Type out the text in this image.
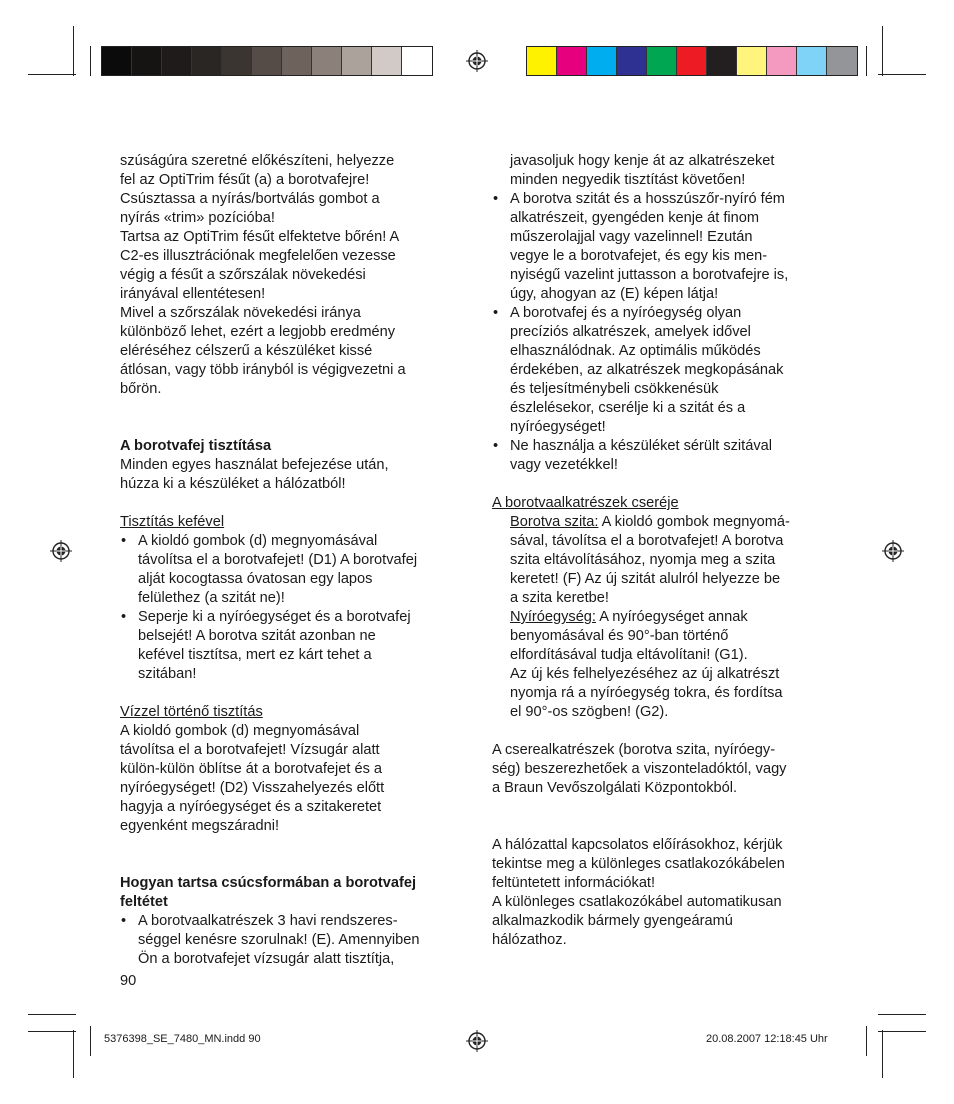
szúságúra szeretné előkészíteni, helyezze

fel az OptiTrim fésűt (a) a borotvafejre!

Csúsztassa a nyírás/bortválás gombot a

nyírás «trim» pozícióba!

Tartsa az OptiTrim fésűt elfektetve bőrén! A

C2-es illusztrációnak megfelelően vezesse

végig a fésűt a szőrszálak növekedési

irányával ellentétesen!

Mivel a szőrszálak növekedési iránya

különböző lehet, ezért a legjobb eredmény

eléréséhez célszerű a készüléket kissé

átlósan, vagy több irányból is végigvezetni a

bőrön.

A borotvafej tisztítása

Minden egyes használat befejezése után,

húzza ki a készüléket a hálózatból!

Tisztítás kefével

• A kioldó gombok (d) megnyomásával

távolítsa el a borotvafejet! (D1) A borotvafej

alját kocogtassa óvatosan egy lapos

felülethez (a szitát ne)!

• Seperje ki a nyíróegységet és a borotvafej

belsejét! A borotva szitát azonban ne

kefével tisztítsa, mert ez kárt tehet a

szitában!

Vízzel történő tisztítás

A kioldó gombok (d) megnyomásával

távolítsa el a borotvafejet! Vízsugár alatt

külön-külön öblítse át a borotvafejet és a

nyíróegységet! (D2) Visszahelyezés előtt

hagyja a nyíróegységet és a szitakeretet

egyenként megszáradni!

Hogyan tartsa csúcsformában a borotvafej

feltétet

• A borotvaalkatrészek 3 havi rendszeres-

séggel kenésre szorulnak! (E). Amennyiben

Ön a borotvafejet vízsugár alatt tisztítja,

javasoljuk hogy kenje át az alkatrészeket

minden negyedik tisztítást követően!

• A borotva szitát és a hosszúszőr-nyíró fém

alkatrészeit, gyengéden kenje át finom

műszerolajjal vagy vazelinnel! Ezután

vegye le a borotvafejet, és egy kis men-

nyiségű vazelint juttasson a borotvafejre is,

úgy, ahogyan az (E) képen látja!

• A borotvafej és a nyíróegység olyan

precíziós alkatrészek, amelyek idővel

elhasználódnak. Az optimális működés

érdekében, az alkatrészek megkopásának

és teljesítménybeli csökkenésük

észlelésekor, cserélje ki a szitát és a

nyíróegységet!

• Ne használja a készüléket sérült szitával

vagy vezetékkel!

A borotvaalkatrészek cseréje

Borotva szita: A kioldó gombok megnyomá-

sával, távolítsa el a borotvafejet! A borotva

szita eltávolításához, nyomja meg a szita

keretet! (F) Az új szitát alulról helyezze be

a szita keretbe!

Nyíróegység: A nyíróegységet annak

benyomásával és 90°-ban történő

elfordításával tudja eltávolítani! (G1).

Az új kés felhelyezéséhez az új alkatrészt

nyomja rá a nyíróegység tokra, és fordítsa

el 90°-os szögben! (G2).

A cserealkatrészek (borotva szita, nyíróegy-

ség) beszerezhetőek a viszonteladóktól, vagy

a Braun Vevőszolgálati Központokból.

A hálózattal kapcsolatos előírásokhoz, kérjük

tekintse meg a különleges csatlakozókábelen

feltüntetett információkat!

A különleges csatlakozókábel automatikusan

alkalmazkodik bármely gyengeáramú

hálózathoz.

90
5376398_SE_7480_MN.indd 90	20.08.2007 12:18:45 Uhr
